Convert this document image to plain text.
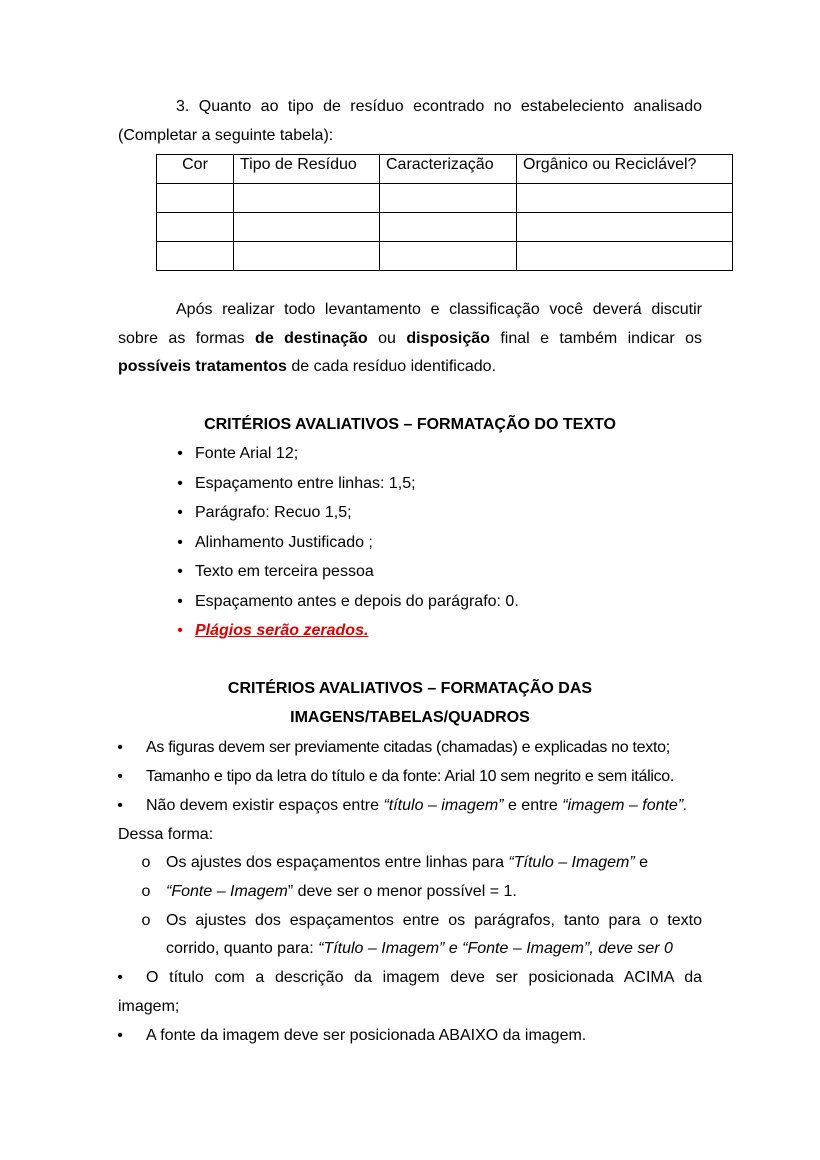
3. Quanto ao tipo de resíduo econtrado no estabeleciento analisado
(Completar a seguinte tabela):
Cor	Tipo de Resíduo	Caracterização	Orgânico ou Reciclável?

Após realizar todo levantamento e classificação você deverá discutir
sobre as formas de destinação ou disposição final e também indicar os
possíveis tratamentos de cada resíduo identificado.
CRITÉRIOS AVALIATIVOS – FORMATAÇÃO DO TEXTO
• Fonte Arial 12;
• Espaçamento entre linhas: 1,5;
• Parágrafo: Recuo 1,5;
• Alinhamento Justificado ;
• Texto em terceira pessoa
• Espaçamento antes e depois do parágrafo: 0.
• Plágios serão zerados.
CRITÉRIOS AVALIATIVOS – FORMATAÇÃO DAS
IMAGENS/TABELAS/QUADROS
• As figuras devem ser previamente citadas (chamadas) e explicadas no texto;
• Tamanho e tipo da letra do título e da fonte: Arial 10 sem negrito e sem itálico.
• Não devem existir espaços entre “título – imagem” e entre “imagem – fonte”.
Dessa forma:
o Os ajustes dos espaçamentos entre linhas para “Título – Imagem” e
o “Fonte – Imagem” deve ser o menor possível = 1.
o Os ajustes dos espaçamentos entre os parágrafos, tanto para o texto
corrido, quanto para: “Título – Imagem” e “Fonte – Imagem”, deve ser 0
• O título com a descrição da imagem deve ser posicionada ACIMA da
imagem;
• A fonte da imagem deve ser posicionada ABAIXO da imagem.
